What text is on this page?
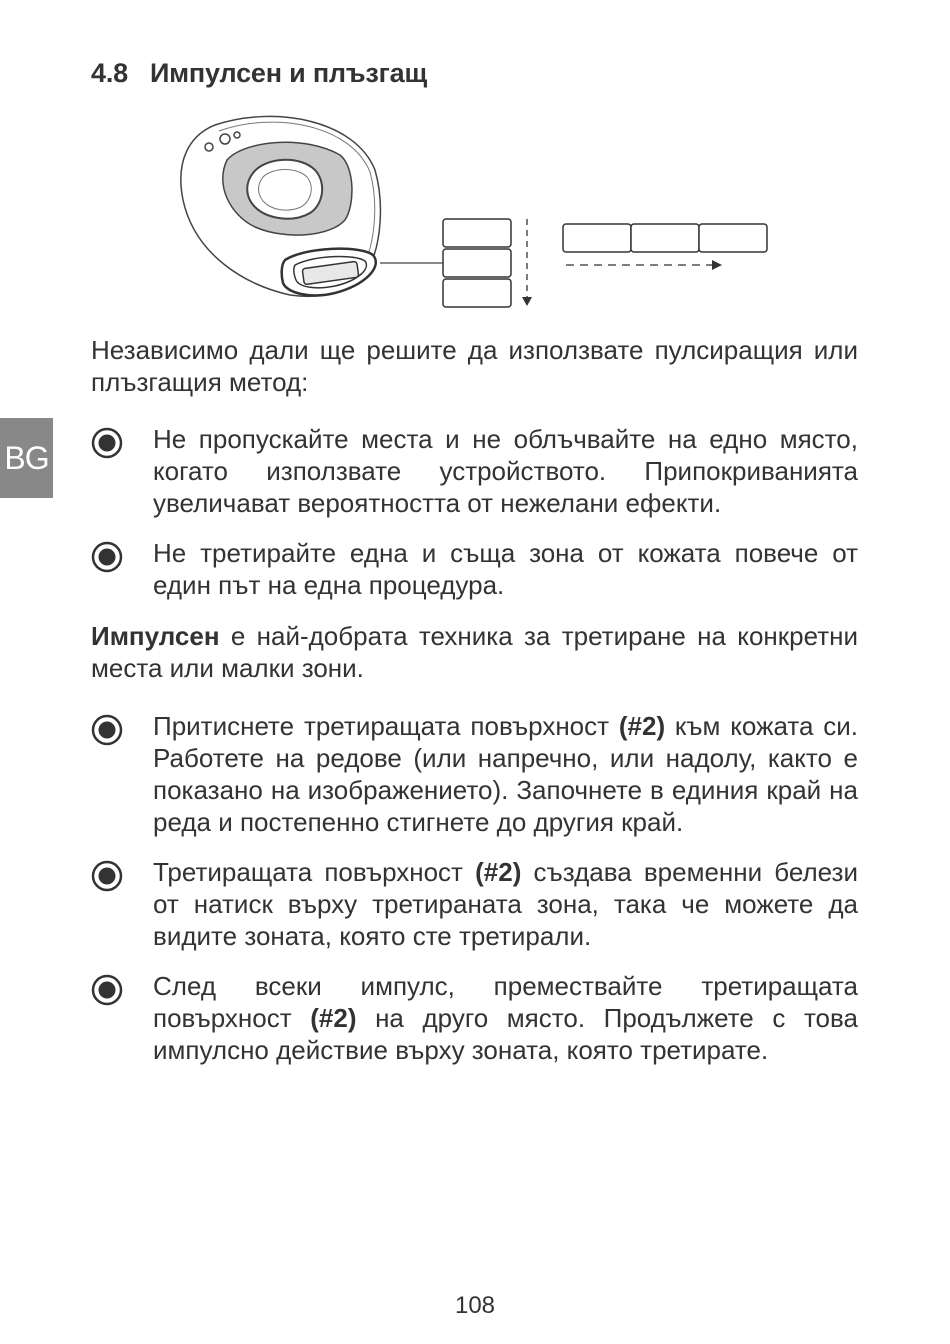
4.8 Импулсен и плъзгащ
BG

Независимо дали ще решите да използвате пулсиращия или плъзгащия метод:

Не пропускайте места и не облъчвайте на едно място, когато използвате устройството. Припокриванията увеличават вероятността от нежелани ефекти.

Не третирайте една и съща зона от кожата повече от един път на една процедура.

Импулсен е най-добрата техника за третиране на конкретни места или малки зони.

Притиснете третиращата повърхност (#2) към кожата си. Работете на редове (или напречно, или надолу, както е показано на изображението). Започнете в единия край на реда и постепенно стигнете до другия край.

Третиращата повърхност (#2) създава временни белези от натиск върху третираната зона, така че можете да видите зоната, която сте третирали.

След всеки импулс, премествайте третиращата повърхност (#2) на друго място. Продължете с това импулсно действие върху зоната, която третирате.

108
